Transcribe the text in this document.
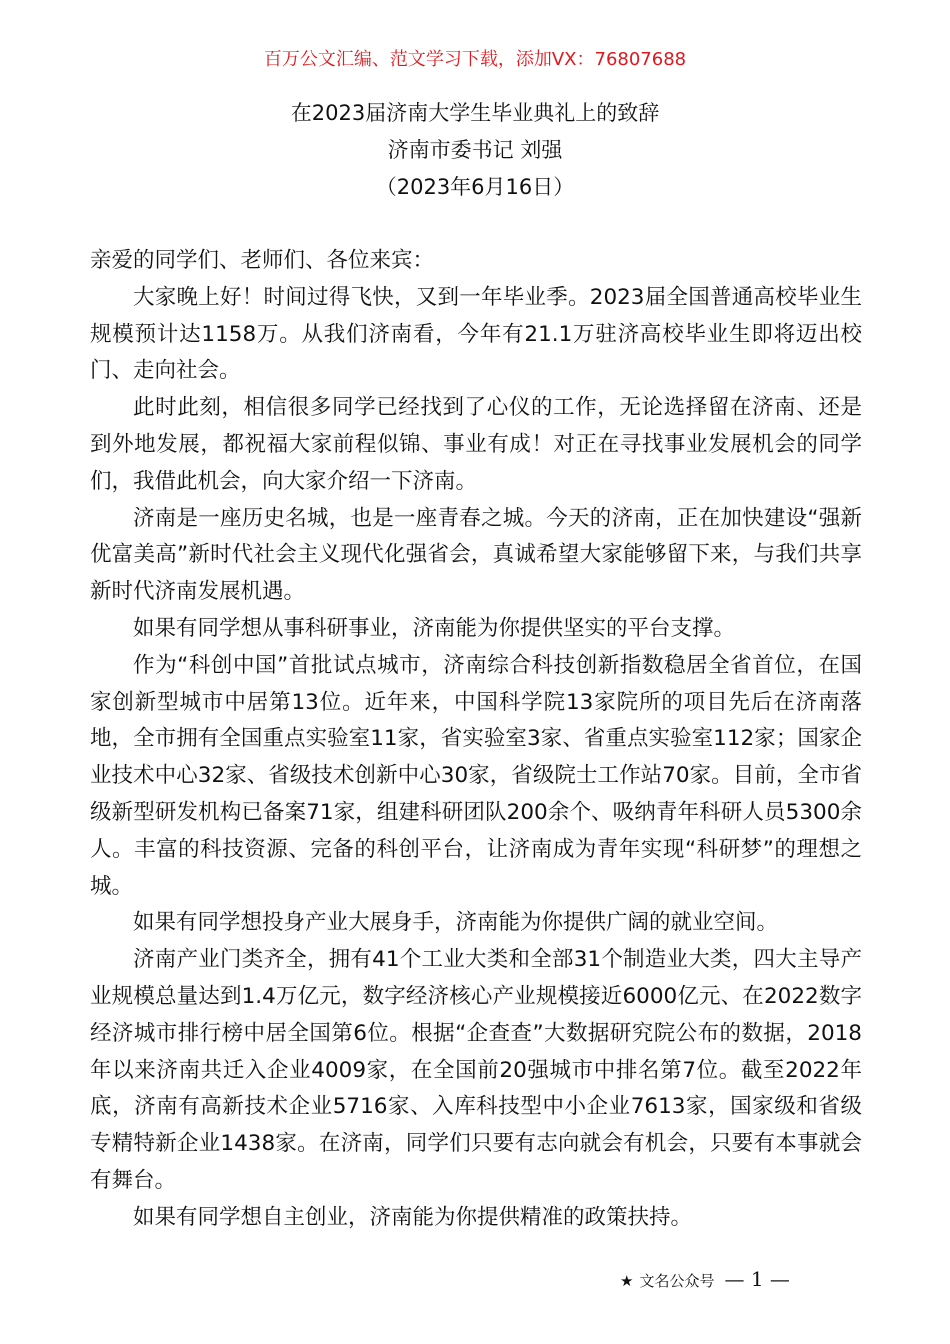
百万公文汇编、范文学习下载，添加VX：76807688
在2023届济南大学生毕业典礼上的致辞
济南市委书记 刘强
（2023年6月16日）

亲爱的同学们、老师们、各位来宾：

大家晚上好！时间过得飞快，又到一年毕业季。2023届全国普通高校毕业生规模预计达1158万。从我们济南看，今年有21.1万驻济高校毕业生即将迈出校门、走向社会。

此时此刻，相信很多同学已经找到了心仪的工作，无论选择留在济南、还是到外地发展，都祝福大家前程似锦、事业有成！对正在寻找事业发展机会的同学们，我借此机会，向大家介绍一下济南。

济南是一座历史名城，也是一座青春之城。今天的济南，正在加快建设“强新优富美高”新时代社会主义现代化强省会，真诚希望大家能够留下来，与我们共享新时代济南发展机遇。

如果有同学想从事科研事业，济南能为你提供坚实的平台支撑。

作为“科创中国”首批试点城市，济南综合科技创新指数稳居全省首位，在国家创新型城市中居第13位。近年来，中国科学院13家院所的项目先后在济南落地，全市拥有全国重点实验室11家，省实验室3家、省重点实验室112家；国家企业技术中心32家、省级技术创新中心30家，省级院士工作站70家。目前，全市省级新型研发机构已备案71家，组建科研团队200余个、吸纳青年科研人员5300余人。丰富的科技资源、完备的科创平台，让济南成为青年实现“科研梦”的理想之城。

如果有同学想投身产业大展身手，济南能为你提供广阔的就业空间。

济南产业门类齐全，拥有41个工业大类和全部31个制造业大类，四大主导产业规模总量达到1.4万亿元，数字经济核心产业规模接近6000亿元、在2022数字经济城市排行榜中居全国第6位。根据“企查查”大数据研究院公布的数据，2018年以来济南共迁入企业4009家，在全国前20强城市中排名第7位。截至2022年底，济南有高新技术企业5716家、入库科技型中小企业7613家，国家级和省级专精特新企业1438家。在济南，同学们只要有志向就会有机会，只要有本事就会有舞台。

如果有同学想自主创业，济南能为你提供精准的政策扶持。

★ 文名公众号 — 1 —
